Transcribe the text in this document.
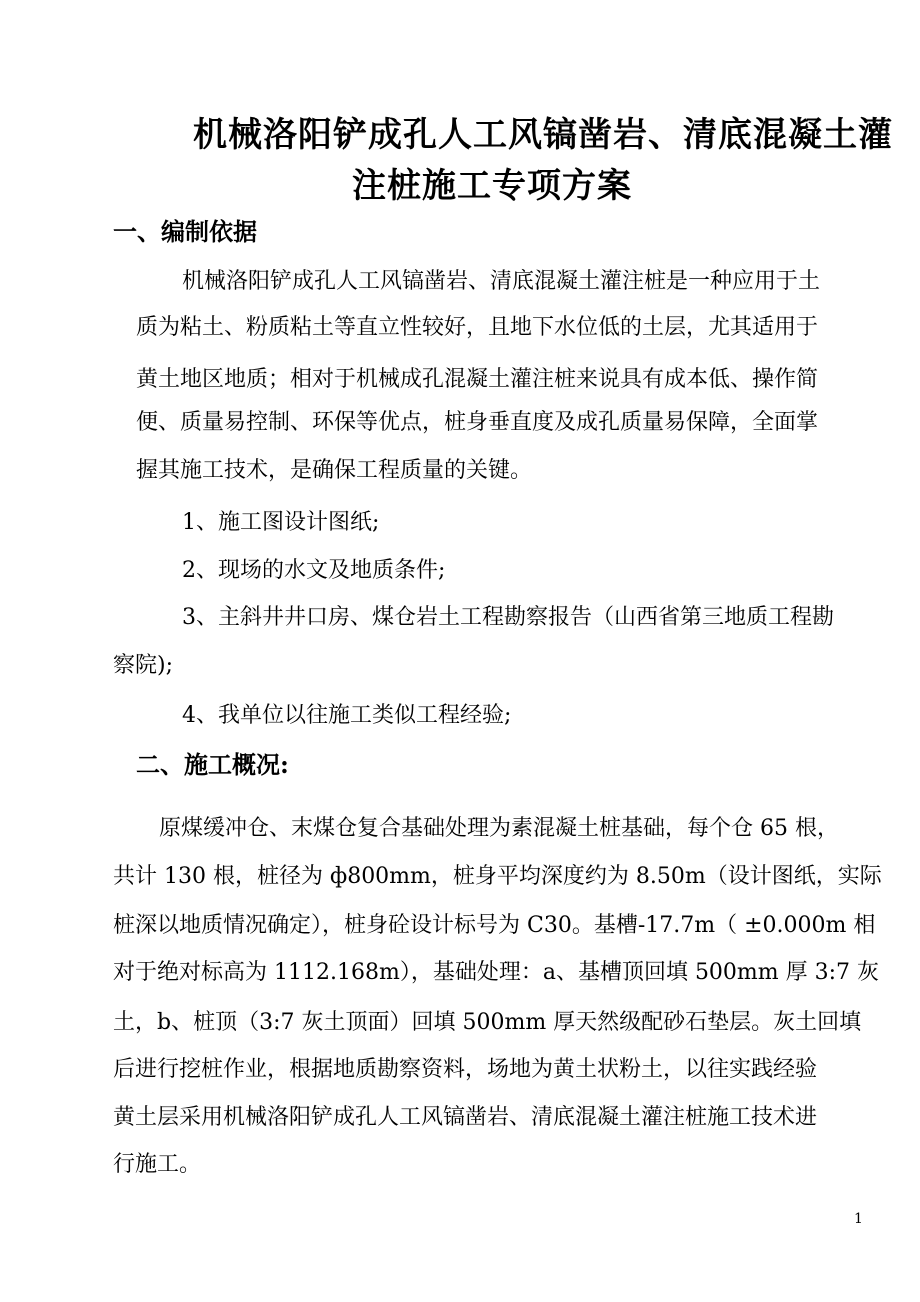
机械洛阳铲成孔人工风镐凿岩、清底混凝土灌
注桩施工专项方案
一、编制依据
机械洛阳铲成孔人工风镐凿岩、清底混凝土灌注桩是一种应用于土
质为粘土、粉质粘土等直立性较好，且地下水位低的土层，尤其适用于
黄土地区地质；相对于机械成孔混凝土灌注桩来说具有成本低、操作简
便、质量易控制、环保等优点，桩身垂直度及成孔质量易保障，全面掌
握其施工技术，是确保工程质量的关键。
1、施工图设计图纸;
2、现场的水文及地质条件;
3、主斜井井口房、煤仓岩土工程勘察报告（山西省第三地质工程勘
察院);
4、我单位以往施工类似工程经验;
二、施工概况:
原煤缓冲仓、末煤仓复合基础处理为素混凝土桩基础，每个仓 65 根，
共计 130 根，桩径为 ф800mm，桩身平均深度约为 8.50m（设计图纸，实际
桩深以地质情况确定），桩身砼设计标号为 C30。基槽-17.7m（ ±0.000m 相
对于绝对标高为 1112.168m），基础处理：a、基槽顶回填 500mm 厚 3:7 灰
土，b、桩顶（3:7 灰土顶面）回填 500mm 厚天然级配砂石垫层。灰土回填
后进行挖桩作业，根据地质勘察资料，场地为黄土状粉土，以往实践经验
黄土层采用机械洛阳铲成孔人工风镐凿岩、清底混凝土灌注桩施工技术进
行施工。
1
